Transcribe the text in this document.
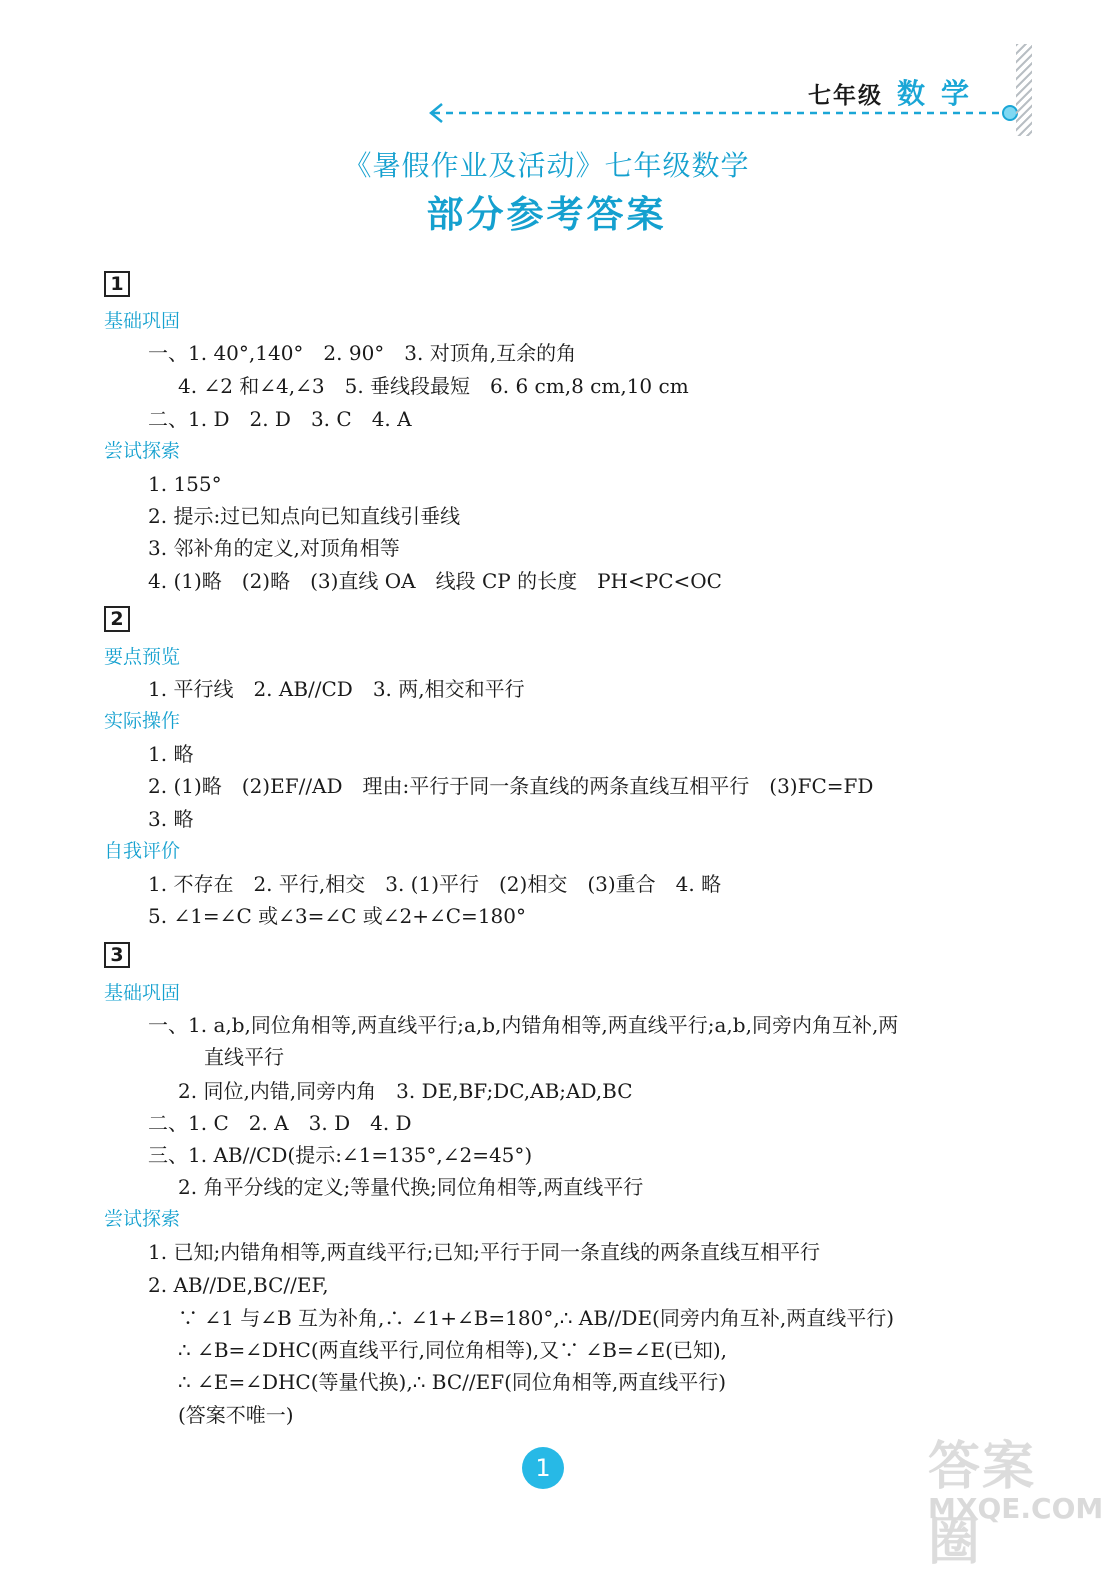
七年级 数学
《暑假作业及活动》七年级数学
部分参考答案
1
基础巩固
一、1. 40°,140°　2. 90°　3. 对顶角,互余的角
4. ∠2 和∠4,∠3　5. 垂线段最短　6. 6 cm,8 cm,10 cm
二、1. D　2. D　3. C　4. A
尝试探索
1. 155°
2. 提示:过已知点向已知直线引垂线
3. 邻补角的定义,对顶角相等
4. (1)略　(2)略　(3)直线 OA　线段 CP 的长度　PH<PC<OC
2
要点预览
1. 平行线　2. AB//CD　3. 两,相交和平行
实际操作
1. 略
2. (1)略　(2)EF//AD　理由:平行于同一条直线的两条直线互相平行　(3)FC=FD
3. 略
自我评价
1. 不存在　2. 平行,相交　3. (1)平行　(2)相交　(3)重合　4. 略
5. ∠1=∠C 或∠3=∠C 或∠2+∠C=180°
3
基础巩固
一、1. a,b,同位角相等,两直线平行;a,b,内错角相等,两直线平行;a,b,同旁内角互补,两
直线平行
2. 同位,内错,同旁内角　3. DE,BF;DC,AB;AD,BC
二、1. C　2. A　3. D　4. D
三、1. AB//CD(提示:∠1=135°,∠2=45°)
2. 角平分线的定义;等量代换;同位角相等,两直线平行
尝试探索
1. 已知;内错角相等,两直线平行;已知;平行于同一条直线的两条直线互相平行
2. AB//DE,BC//EF,
∵ ∠1 与∠B 互为补角,∴ ∠1+∠B=180°,∴ AB//DE(同旁内角互补,两直线平行)
∴ ∠B=∠DHC(两直线平行,同位角相等),又∵ ∠B=∠E(已知),
∴ ∠E=∠DHC(等量代换),∴ BC//EF(同位角相等,两直线平行)
(答案不唯一)
1	答案圈
MXQE.COM
